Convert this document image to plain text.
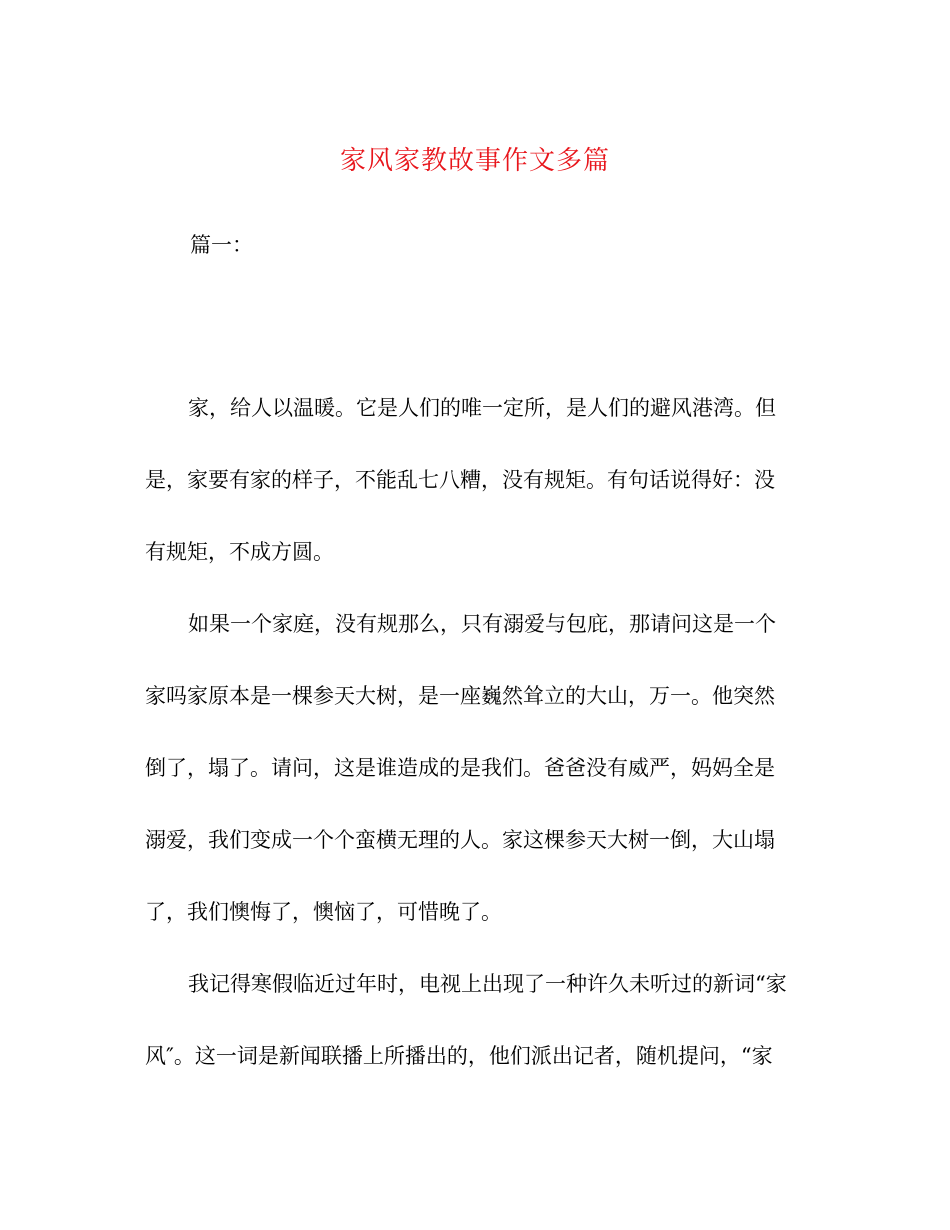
家风家教故事作文多篇
篇一：
家，给人以温暖。它是人们的唯一定所，是人们的避风港湾。但
是，家要有家的样子，不能乱七八糟，没有规矩。有句话说得好：没
有规矩，不成方圆。
如果一个家庭，没有规那么，只有溺爱与包庇，那请问这是一个
家吗家原本是一棵参天大树，是一座巍然耸立的大山，万一。他突然
倒了，塌了。请问，这是谁造成的是我们。爸爸没有威严，妈妈全是
溺爱，我们变成一个个蛮横无理的人。家这棵参天大树一倒，大山塌
了，我们懊悔了，懊恼了，可惜晚了。
我记得寒假临近过年时，电视上出现了一种许久未听过的新词“家
风″。这一词是新闻联播上所播出的，他们派出记者，随机提问，“家
